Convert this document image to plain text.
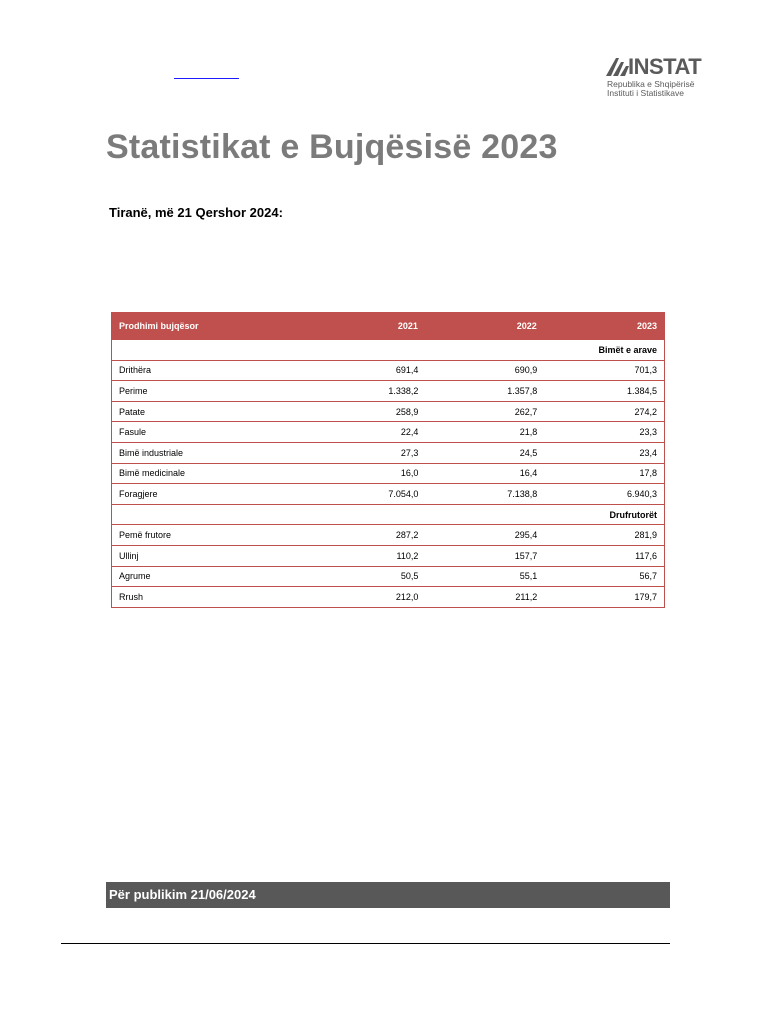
INSTAT
Republika e Shqipërisë
Instituti i Statistikave
Statistikat e Bujqësisë 2023
Tiranë, më 21 Qershor 2024:
Prodhimi bujqësor	2021	2022	2023
Bimët e arave			
Drithëra	691,4	690,9	701,3
Perime	1.338,2	1.357,8	1.384,5
Patate	258,9	262,7	274,2
Fasule	22,4	21,8	23,3
Bimë industriale	27,3	24,5	23,4
Bimë medicinale	16,0	16,4	17,8
Foragjere	7.054,0	7.138,8	6.940,3
Drufrutorët			
Pemë frutore	287,2	295,4	281,9
Ullinj	110,2	157,7	117,6
Agrume	50,5	55,1	56,7
Rrush	212,0	211,2	179,7
Për publikim 21/06/2024
